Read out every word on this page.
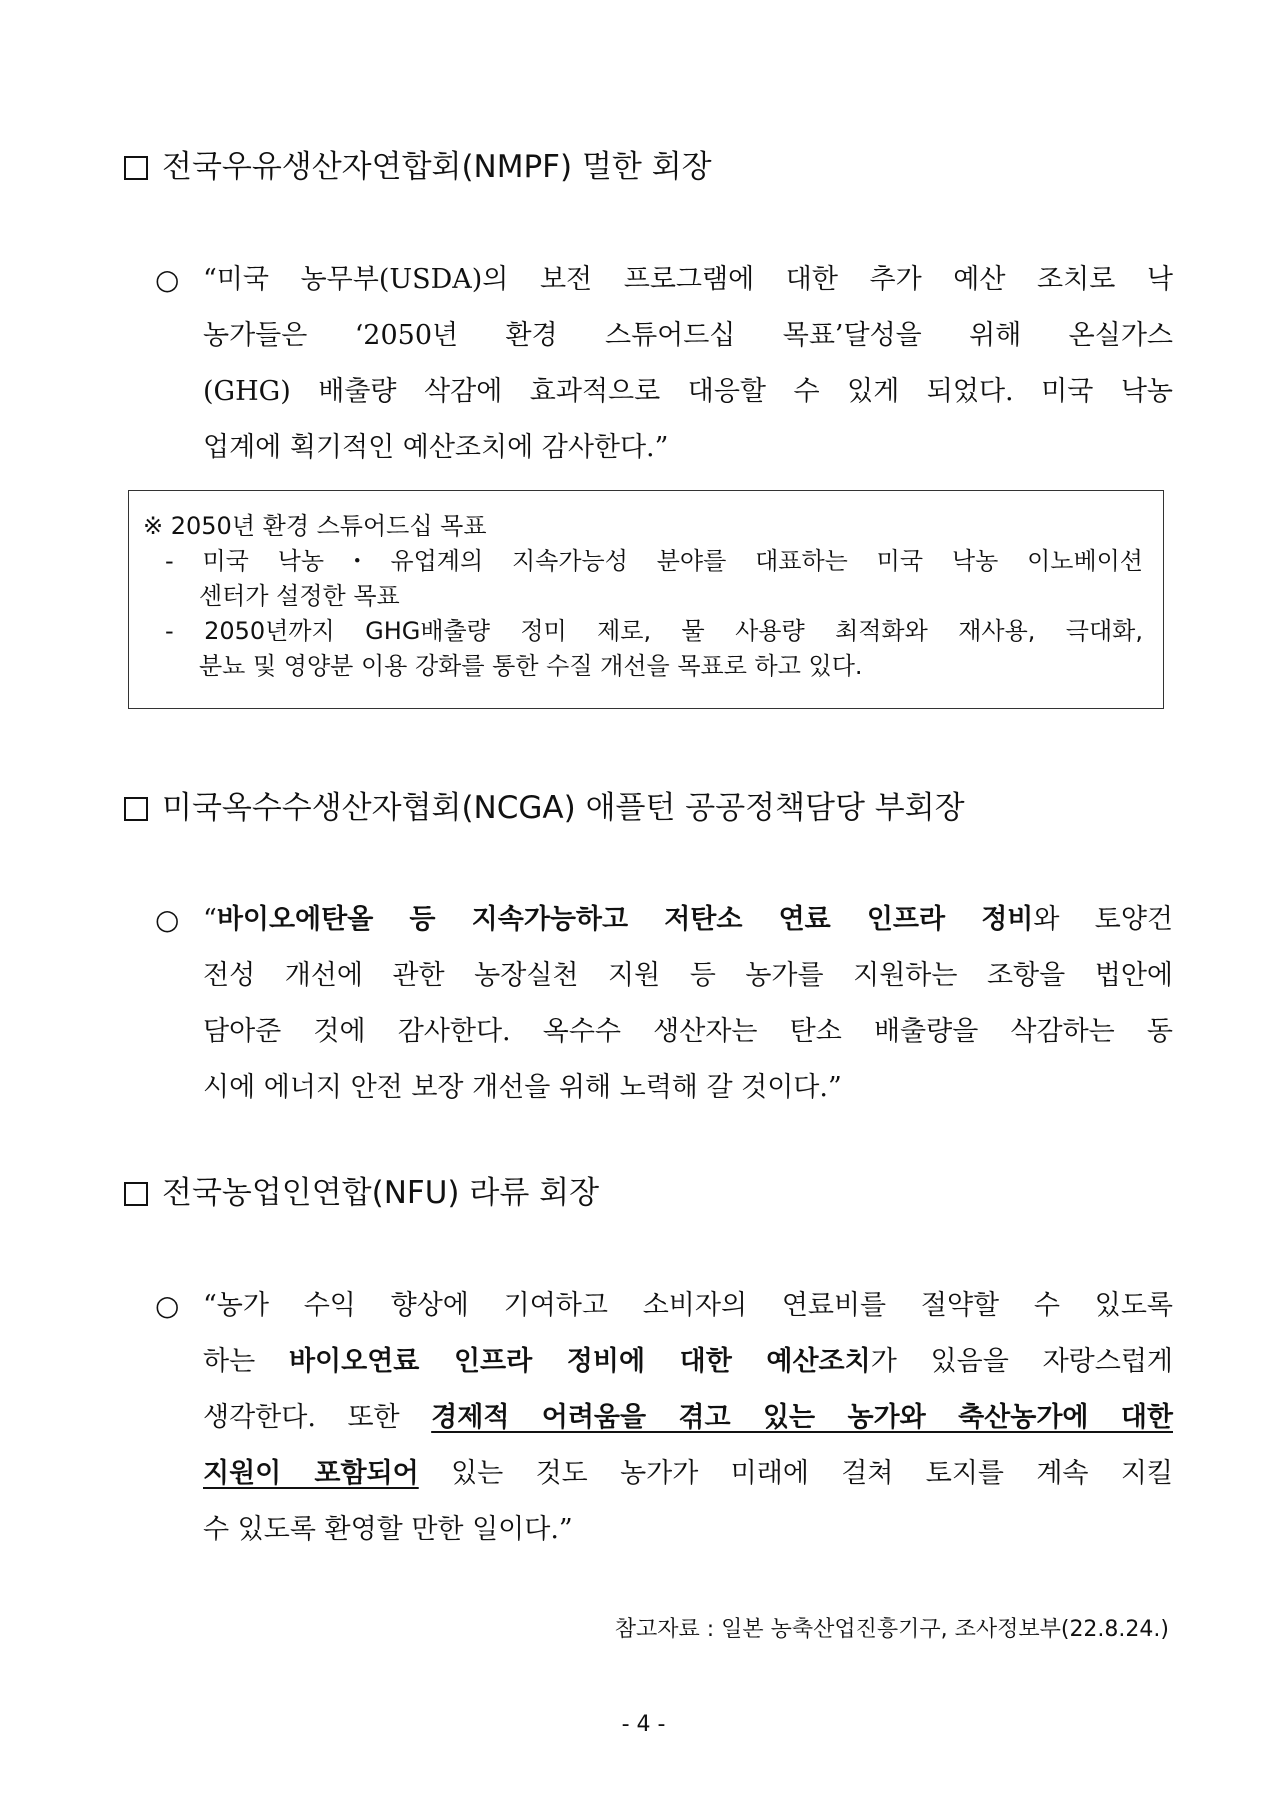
전국우유생산자연합회(NMPF) 멀한 회장
○ “미국 농무부(USDA)의 보전 프로그램에 대한 추가 예산 조치로 낙
농가들은 ‘2050년 환경 스튜어드십 목표’달성을 위해 온실가스
(GHG) 배출량 삭감에 효과적으로 대응할 수 있게 되었다. 미국 낙농
업계에 획기적인 예산조치에 감사한다.”
※ 2050년 환경 스튜어드십 목표
- 미국 낙농・유업계의 지속가능성 분야를 대표하는 미국 낙농 이노베이션
센터가 설정한 목표
- 2050년까지 GHG배출량 정미 제로, 물 사용량 최적화와 재사용, 극대화,
분뇨 및 영양분 이용 강화를 통한 수질 개선을 목표로 하고 있다.
미국옥수수생산자협회(NCGA) 애플턴 공공정책담당 부회장
○ “바이오에탄올 등 지속가능하고 저탄소 연료 인프라 정비와 토양건
전성 개선에 관한 농장실천 지원 등 농가를 지원하는 조항을 법안에
담아준 것에 감사한다. 옥수수 생산자는 탄소 배출량을 삭감하는 동
시에 에너지 안전 보장 개선을 위해 노력해 갈 것이다.”
전국농업인연합(NFU) 라류 회장
○ “농가 수익 향상에 기여하고 소비자의 연료비를 절약할 수 있도록
하는 바이오연료 인프라 정비에 대한 예산조치가 있음을 자랑스럽게
생각한다. 또한 경제적 어려움을 겪고 있는 농가와 축산농가에 대한
지원이 포함되어 있는 것도 농가가 미래에 걸쳐 토지를 계속 지킬
수 있도록 환영할 만한 일이다.”
참고자료 : 일본 농축산업진흥기구, 조사정보부(22.8.24.)
- 4 -
